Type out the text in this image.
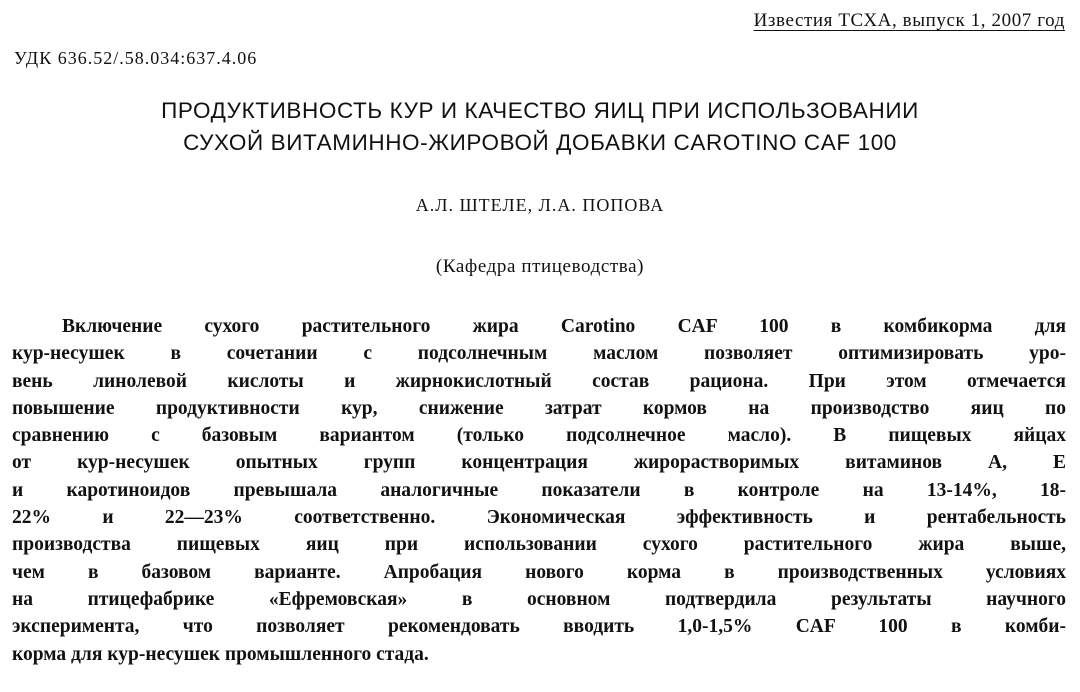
Известия ТСХА, выпуск 1, 2007 год
УДК 636.52/.58.034:637.4.06
ПРОДУКТИВНОСТЬ КУР И КАЧЕСТВО ЯИЦ ПРИ ИСПОЛЬЗОВАНИИ
СУХОЙ ВИТАМИННО-ЖИРОВОЙ ДОБАВКИ CAROTINO CAF 100
А.Л. ШТЕЛЕ, Л.А. ПОПОВА
(Кафедра птицеводства)
Включение сухого растительного жира Carotino CAF 100 в комбикорма для
кур-несушек в сочетании с подсолнечным маслом позволяет оптимизировать уро-
вень линолевой кислоты и жирнокислотный состав рациона. При этом отмечается
повышение продуктивности кур, снижение затрат кормов на производство яиц по
сравнению с базовым вариантом (только подсолнечное масло). В пищевых яйцах
от кур-несушек опытных групп концентрация жирорастворимых витаминов А, Е
и каротиноидов превышала аналогичные показатели в контроле на 13-14%, 18-
22% и 22—23% соответственно. Экономическая эффективность и рентабельность
производства пищевых яиц при использовании сухого растительного жира выше,
чем в базовом варианте. Апробация нового корма в производственных условиях
на птицефабрике «Ефремовская» в основном подтвердила результаты научного
эксперимента, что позволяет рекомендовать вводить 1,0-1,5% CAF 100 в комби-
корма для кур-несушек промышленного стада.
